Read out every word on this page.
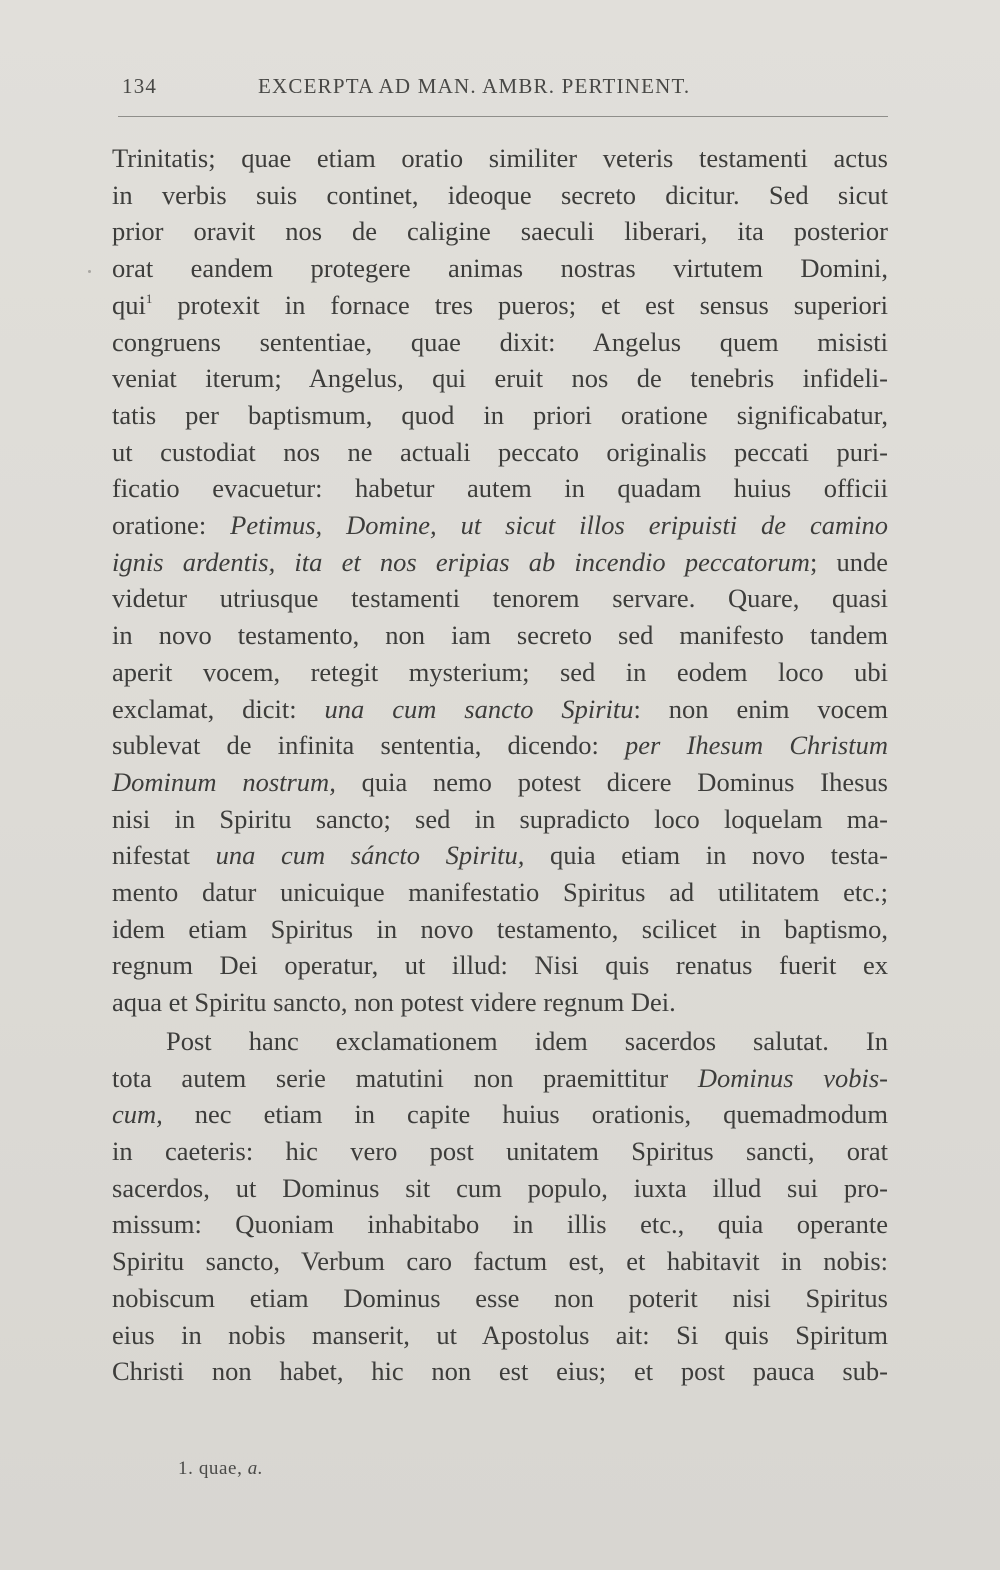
134	EXCERPTA AD MAN. AMBR. PERTINENT.
Trinitatis; quae etiam oratio similiter veteris testamenti actus
in verbis suis continet, ideoque secreto dicitur. Sed sicut
prior oravit nos de caligine saeculi liberari, ita posterior
orat eandem protegere animas nostras virtutem Domini,
qui$^1$ protexit in fornace tres pueros; et est sensus superiori
congruens sententiae, quae dixit: Angelus quem misisti
veniat iterum; Angelus, qui eruit nos de tenebris infideli-
tatis per baptismum, quod in priori oratione significabatur,
ut custodiat nos ne actuali peccato originalis peccati puri-
ficatio evacuetur: habetur autem in quadam huius officii
oratione: Petimus, Domine, ut sicut illos eripuisti de camino
ignis ardentis, ita et nos eripias ab incendio peccatorum; unde
videtur utriusque testamenti tenorem servare. Quare, quasi
in novo testamento, non iam secreto sed manifesto tandem
aperit vocem, retegit mysterium; sed in eodem loco ubi
exclamat, dicit: una cum sancto Spiritu: non enim vocem
sublevat de infinita sententia, dicendo: per Ihesum Christum
Dominum nostrum, quia nemo potest dicere Dominus Ihesus
nisi in Spiritu sancto; sed in supradicto loco loquelam ma-
nifestat una cum sáncto Spiritu, quia etiam in novo testa-
mento datur unicuique manifestatio Spiritus ad utilitatem etc.;
idem etiam Spiritus in novo testamento, scilicet in baptismo,
regnum Dei operatur, ut illud: Nisi quis renatus fuerit ex
aqua et Spiritu sancto, non potest videre regnum Dei.
Post hanc exclamationem idem sacerdos salutat. In
tota autem serie matutini non praemittitur Dominus vobis-
cum, nec etiam in capite huius orationis, quemadmodum
in caeteris: hic vero post unitatem Spiritus sancti, orat
sacerdos, ut Dominus sit cum populo, iuxta illud sui pro-
missum: Quoniam inhabitabo in illis etc., quia operante
Spiritu sancto, Verbum caro factum est, et habitavit in nobis:
nobiscum etiam Dominus esse non poterit nisi Spiritus
eius in nobis manserit, ut Apostolus ait: Si quis Spiritum
Christi non habet, hic non est eius; et post pauca sub-
1. quae, a.
